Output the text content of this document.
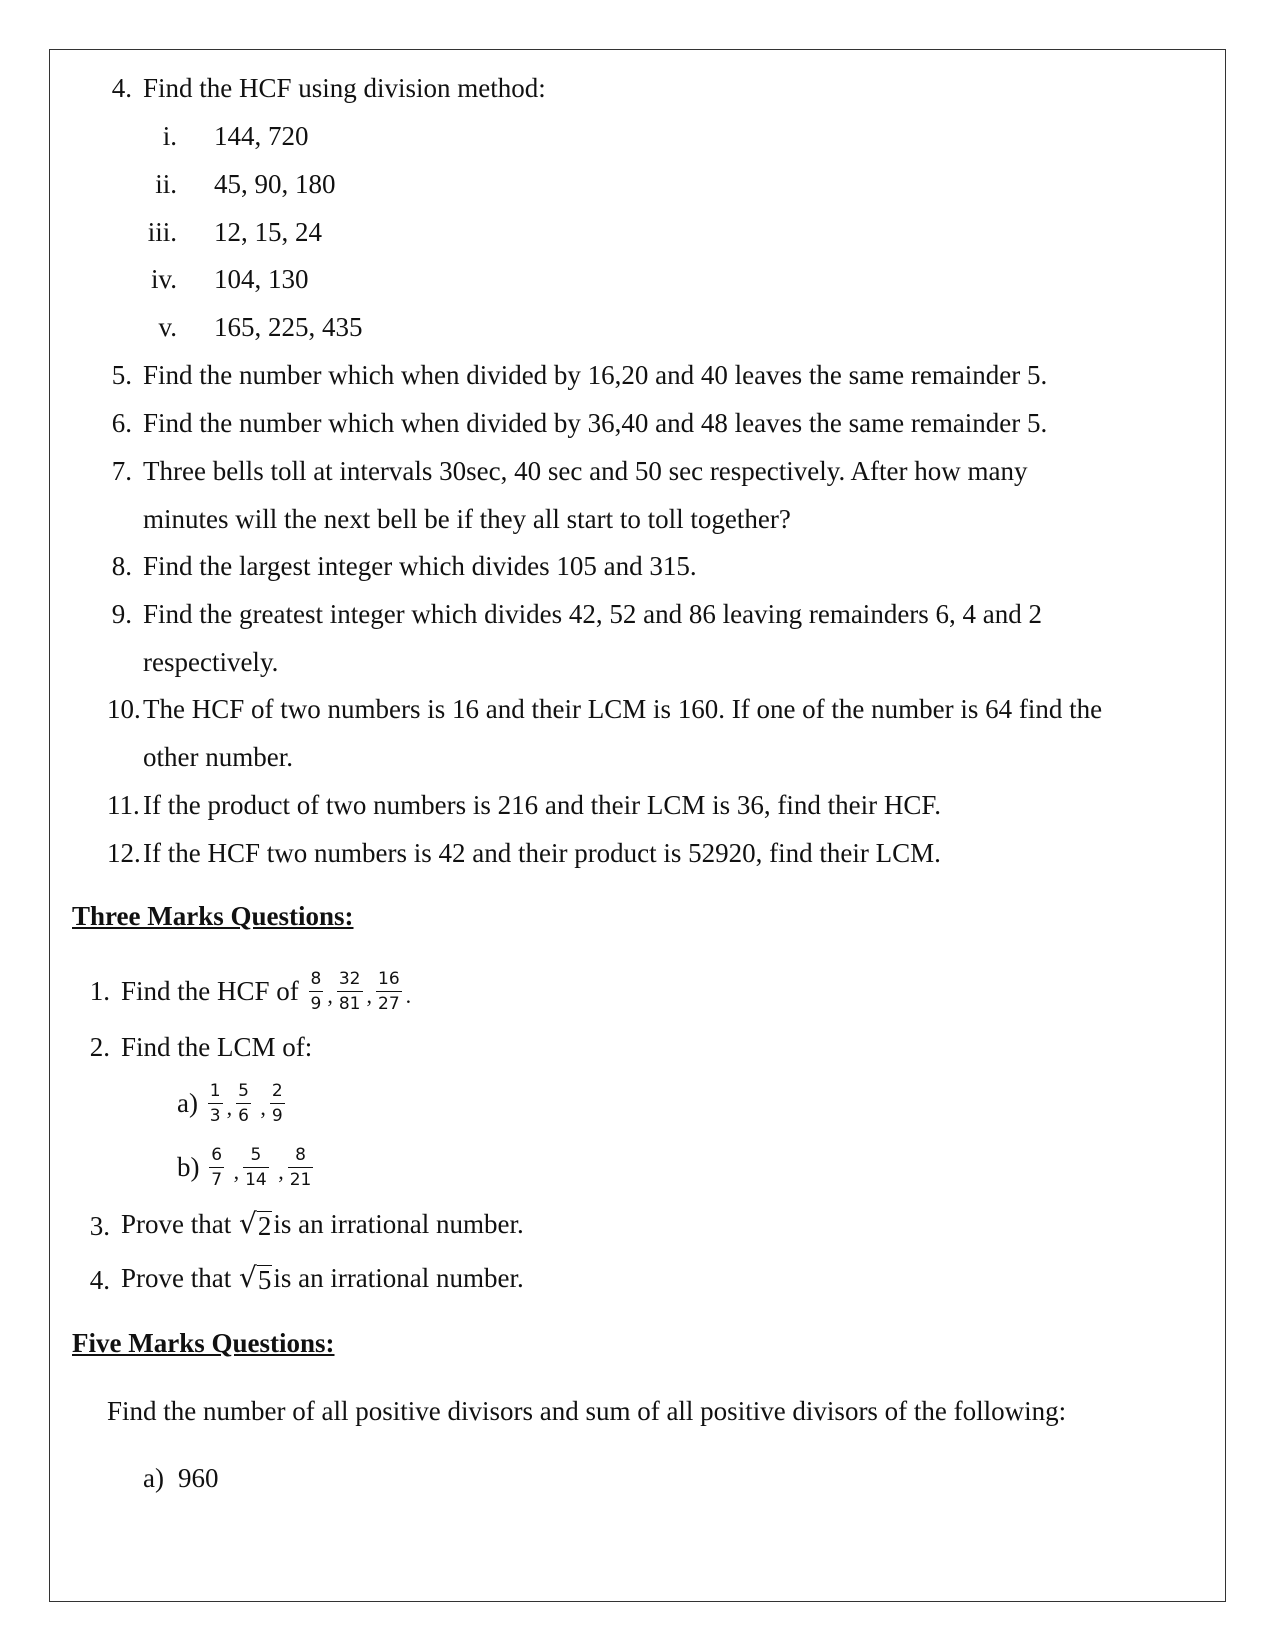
4. Find the HCF using division method:
i. 144, 720
ii. 45, 90, 180
iii. 12, 15, 24
iv. 104, 130
v. 165, 225, 435
5. Find the number which when divided by 16,20 and 40 leaves the same remainder 5.
6. Find the number which when divided by 36,40 and 48 leaves the same remainder 5.
7. Three bells toll at intervals 30sec, 40 sec and 50 sec respectively. After how many
minutes will the next bell be if they all start to toll together?
8. Find the largest integer which divides 105 and 315.
9. Find the greatest integer which divides 42, 52 and 86 leaving remainders 6, 4 and 2
respectively.
10. The HCF of two numbers is 16 and their LCM is 160. If one of the number is 64 find the
other number.
11. If the product of two numbers is 216 and their LCM is 36, find their HCF.
12. If the HCF two numbers is 42 and their product is 52920, find their LCM.
Three Marks Questions:
1. Find the HCF of
$\frac{8}{9}$ , $\frac{32}{81}$ , $\frac{16}{27}$ .
2. Find the LCM of:
a)
$\frac{1}{3}$ , $\frac{5}{6}$ , $\frac{2}{9}$
b)
$\frac{6}{7}$ , $\frac{5}{14}$ , $\frac{8}{21}$
3. Prove that
√ 2 is an irrational number.
4. Prove that
√ 5 is an irrational number.
Five Marks Questions:
Find the number of all positive divisors and sum of all positive divisors of the following:
a) 960
